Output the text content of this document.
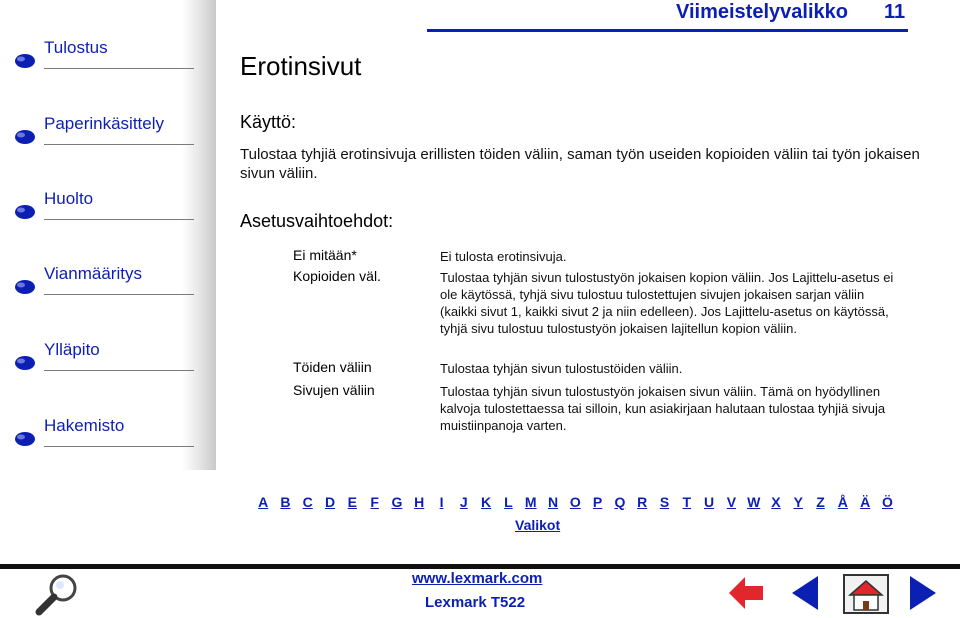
Tulostus
Paperinkäsittely
Huolto
Vianmääritys
Ylläpito
Hakemisto
Viimeistelyvalikko 11
Erotinsivut
Käyttö:
Tulostaa tyhjiä erotinsivuja erillisten töiden väliin, saman työn useiden kopioiden väliin tai työn jokaisen sivun väliin.
Asetusvaihtoehdot:
Ei mitään*	Ei tulosta erotinsivuja.
Kopioiden väl.	Tulostaa tyhjän sivun tulostustyön jokaisen kopion väliin. Jos Lajittelu-asetus ei ole käytössä, tyhjä sivu tulostuu tulostettujen sivujen jokaisen sarjan väliin (kaikki sivut 1, kaikki sivut 2 ja niin edelleen). Jos Lajittelu-asetus on käytössä, tyhjä sivu tulostuu tulostustyön jokaisen lajitellun kopion väliin.
Töiden väliin	Tulostaa tyhjän sivun tulostustöiden väliin.
Sivujen väliin	Tulostaa tyhjän sivun tulostustyön jokaisen sivun väliin. Tämä on hyödyllinen kalvoja tulostettaessa tai silloin, kun asiakirjaan halutaan tulostaa tyhjiä sivuja muistiinpanoja varten.
A B C D E F G H	I	J K L M N O P Q R S T U V W X Y Z Å Ä Ö
Valikot
www.lexmark.com
Lexmark T522
